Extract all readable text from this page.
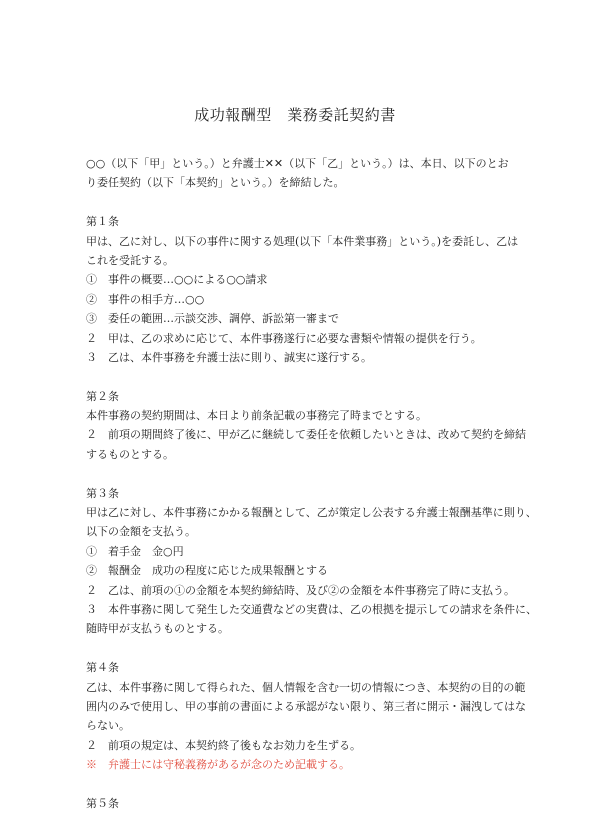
成功報酬型　業務委託契約書
○○（以下「甲」という。）と弁護士✕✕（以下「乙」という。）は、本日、以下のとお
り委任契約（以下「本契約」という。）を締結した。
第１条
甲は、乙に対し、以下の事件に関する処理(以下「本件業事務」という。)を委託し、乙は
これを受託する。
①　事件の概要…○○による○○請求
②　事件の相手方…○○
③　委任の範囲…示談交渉、調停、訴訟第一審まで
２　甲は、乙の求めに応じて、本件事務遂行に必要な書類や情報の提供を行う。
３　乙は、本件事務を弁護士法に則り、誠実に遂行する。
第２条
本件事務の契約期間は、本日より前条記載の事務完了時までとする。
２　前項の期間終了後に、甲が乙に継続して委任を依頼したいときは、改めて契約を締結
するものとする。
第３条
甲は乙に対し、本件事務にかかる報酬として、乙が策定し公表する弁護士報酬基準に則り、
以下の金額を支払う。
①　着手金　金○円
②　報酬金　成功の程度に応じた成果報酬とする
２　乙は、前項の①の金額を本契約締結時、及び②の金額を本件事務完了時に支払う。
３　本件事務に関して発生した交通費などの実費は、乙の根拠を提示しての請求を条件に、
随時甲が支払うものとする。
第４条
乙は、本件事務に関して得られた、個人情報を含む一切の情報につき、本契約の目的の範
囲内のみで使用し、甲の事前の書面による承認がない限り、第三者に開示・漏洩してはな
らない。
２　前項の規定は、本契約終了後もなお効力を生ずる。
※　弁護士には守秘義務があるが念のため記載する。
第５条
